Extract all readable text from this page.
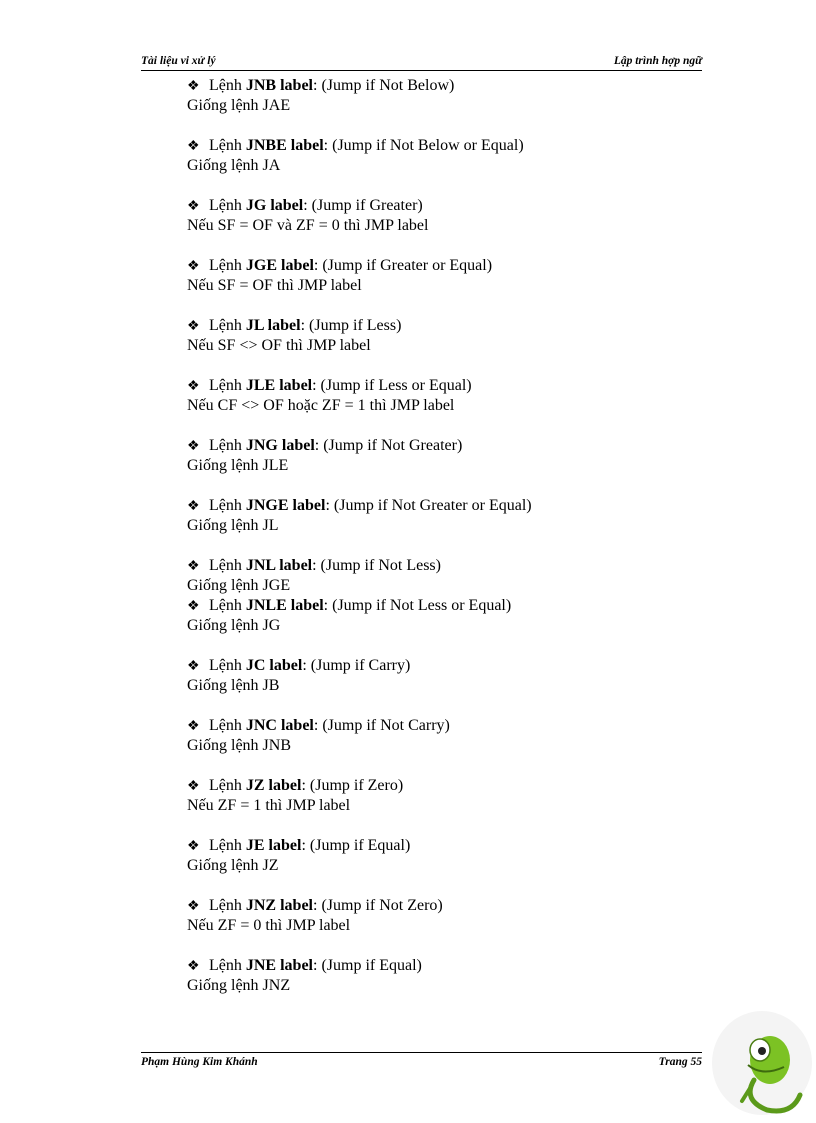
Tài liệu vi xử lý	Lập trình hợp ngữ
❖ Lệnh JNB label: (Jump if Not Below)
Giống lệnh JAE
❖ Lệnh JNBE label: (Jump if Not Below or Equal)
Giống lệnh JA
❖ Lệnh JG label: (Jump if Greater)
Nếu SF = OF và ZF = 0 thì JMP label
❖ Lệnh JGE label: (Jump if Greater or Equal)
Nếu SF = OF thì JMP label
❖ Lệnh JL label: (Jump if Less)
Nếu SF <> OF thì JMP label
❖ Lệnh JLE label: (Jump if Less or Equal)
Nếu CF <> OF hoặc ZF = 1 thì JMP label
❖ Lệnh JNG label: (Jump if Not Greater)
Giống lệnh JLE
❖ Lệnh JNGE label: (Jump if Not Greater or Equal)
Giống lệnh JL
❖ Lệnh JNL label: (Jump if Not Less)
Giống lệnh JGE
❖ Lệnh JNLE label: (Jump if Not Less or Equal)
Giống lệnh JG
❖ Lệnh JC label: (Jump if Carry)
Giống lệnh JB
❖ Lệnh JNC label: (Jump if Not Carry)
Giống lệnh JNB
❖ Lệnh JZ label: (Jump if Zero)
Nếu ZF = 1 thì JMP label
❖ Lệnh JE label: (Jump if Equal)
Giống lệnh JZ
❖ Lệnh JNZ label: (Jump if Not Zero)
Nếu ZF = 0 thì JMP label
❖ Lệnh JNE label: (Jump if Equal)
Giống lệnh JNZ
Phạm Hùng Kim Khánh	Trang 55
